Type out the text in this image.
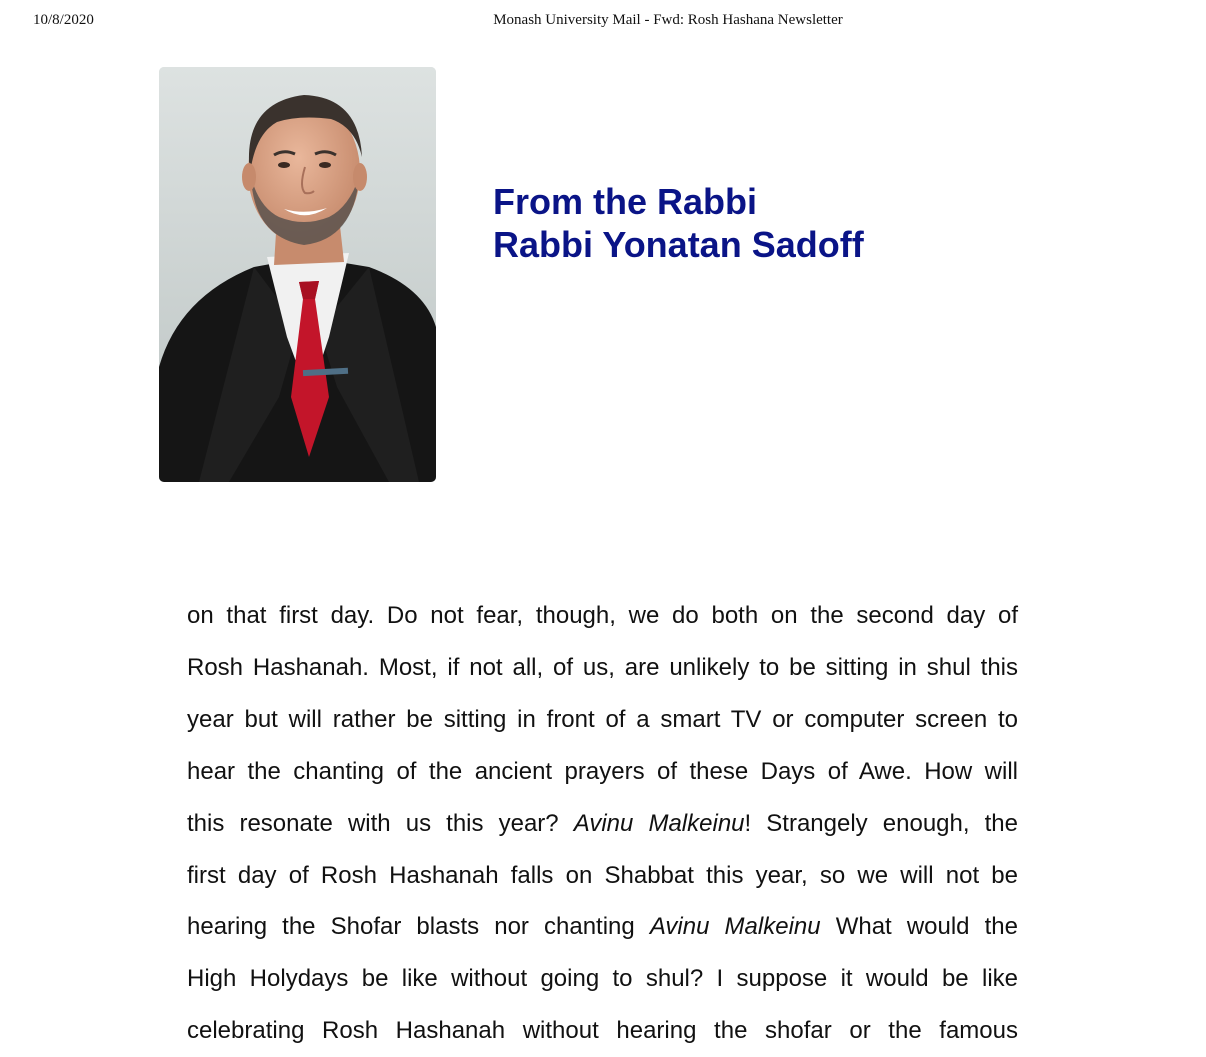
10/8/2020	Monash University Mail - Fwd: Rosh Hashana Newsletter
From the Rabbi
Rabbi Yonatan Sadoff
on that first day. Do not fear, though, we do both on the second day of
Rosh Hashanah. Most, if not all, of us, are unlikely to be sitting in shul this
year but will rather be sitting in front of a smart TV or computer screen to
hear the chanting of the ancient prayers of these Days of Awe. How will
this resonate with us this year? Avinu Malkeinu! Strangely enough, the
first day of Rosh Hashanah falls on Shabbat this year, so we will not be
hearing the Shofar blasts nor chanting Avinu Malkeinu What would the
High Holydays be like without going to shul? I suppose it would be like
celebrating Rosh Hashanah without hearing the shofar or the famous
